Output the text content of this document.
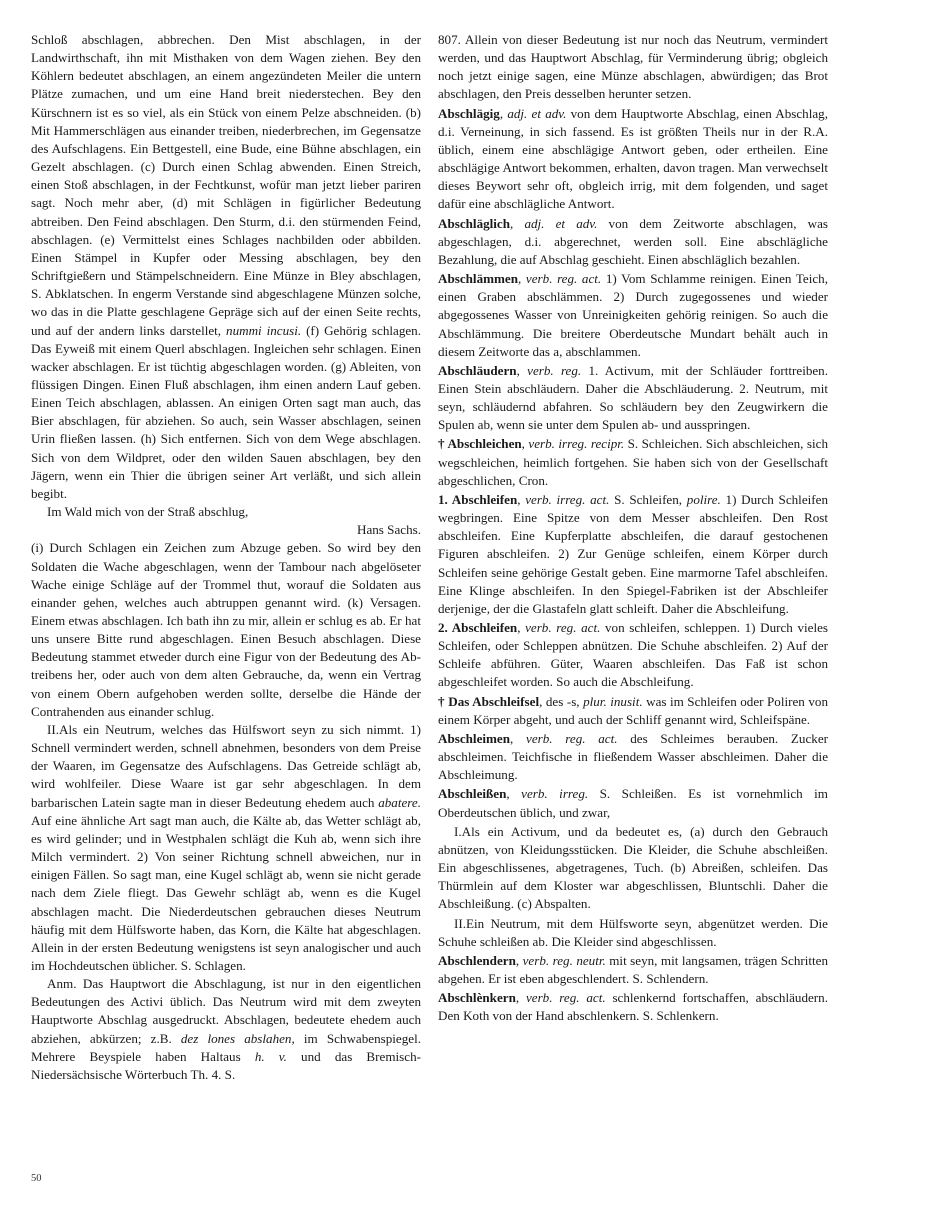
Schloß abschlagen, abbrechen. Den Mist abschlagen, in der Landwirthschaft, ihn mit Misthaken von dem Wagen ziehen. Bey den Köhlern bedeutet abschlagen, an einem angezündeten Meiler die untern Plätze zumachen, und um eine Hand breit niederstechen. Bey den Kürschnern ist es so viel, als ein Stück von einem Pelze abschneiden. (b) Mit Hammerschlägen aus einander treiben, niederbrechen, im Gegensatze des Aufschlagens. Ein Bettgestell, eine Bude, eine Bühne abschlagen, ein Gezelt abschlagen. (c) Durch einen Schlag abwenden. Einen Streich, einen Stoß abschlagen, in der Fechtkunst, wofür man jetzt lieber pariren sagt. Noch mehr aber, (d) mit Schlägen in figürlicher Bedeutung abtreiben. Den Feind abschlagen. Den Sturm, d.i. den stürmenden Feind, abschlagen. (e) Vermittelst eines Schlages nachbilden oder abbilden. Einen Stämpel in Kupfer oder Messing abschlagen, bey den Schriftgießern und Stämpelschneidern. Eine Münze in Bley abschlagen, S. Abklatschen. In engerm Verstande sind abgeschlagene Münzen solche, wo das in die Platte geschlagene Gepräge sich auf der einen Seite rechts, und auf der andern links darstellet, nummi incusi. (f) Gehörig schlagen. Das Eyweiß mit einem Querl abschlagen. Ingleichen sehr schlagen. Einen wacker abschlagen. Er ist tüchtig abgeschlagen worden. (g) Ableiten, von flüssigen Dingen. Einen Fluß abschlagen, ihm einen andern Lauf geben. Einen Teich abschlagen, ablassen. An einigen Orten sagt man auch, das Bier abschlagen, für abziehen. So auch, sein Wasser abschlagen, seinen Urin fließen lassen. (h) Sich entfernen. Sich von dem Wege abschlagen. Sich von dem Wildpret, oder den wilden Sauen abschlagen, bey den Jägern, wenn ein Thier die übrigen seiner Art verläßt, und sich allein begibt.

Im Wald mich von der Straß abschlug,

Hans Sachs.

(i) Durch Schlagen ein Zeichen zum Abzuge geben. So wird bey den Soldaten die Wache abgeschlagen, wenn der Tambour nach abgelöseter Wache einige Schläge auf der Trommel thut, worauf die Soldaten aus einander gehen, welches auch abtruppen genannt wird. (k) Versagen. Einem etwas abschlagen. Ich bath ihn zu mir, allein er schlug es ab. Er hat uns unsere Bitte rund abgeschlagen. Einen Besuch abschlagen. Diese Bedeutung stammet etweder durch eine Figur von der Bedeutung des Abtreibens her, oder auch von dem alten Gebrauche, da, wenn ein Vertrag von einem Obern aufgehoben werden sollte, derselbe die Hände der Contrahenden aus einander schlug.

II.Als ein Neutrum, welches das Hülfswort seyn zu sich nimmt. 1) Schnell vermindert werden, schnell abnehmen, besonders von dem Preise der Waaren, im Gegensatze des Aufschlagens. Das Getreide schlägt ab, wird wohlfeiler. Diese Waare ist gar sehr abgeschlagen. In dem barbarischen Latein sagte man in dieser Bedeutung ehedem auch abatere. Auf eine ähnliche Art sagt man auch, die Kälte ab, das Wetter schlägt ab, es wird gelinder; und in Westphalen schlägt die Kuh ab, wenn sich ihre Milch vermindert. 2) Von seiner Richtung schnell abweichen, nur in einigen Fällen. So sagt man, eine Kugel schlägt ab, wenn sie nicht gerade nach dem Ziele fliegt. Das Gewehr schlägt ab, wenn es die Kugel abschlagen macht. Die Niederdeutschen gebrauchen dieses Neutrum häufig mit dem Hülfsworte haben, das Korn, die Kälte hat abgeschlagen. Allein in der ersten Bedeutung wenigstens ist seyn analogischer und auch im Hochdeutschen üblicher. S. Schlagen.

Anm. Das Hauptwort die Abschlagung, ist nur in den eigentlichen Bedeutungen des Activi üblich. Das Neutrum wird mit dem zweyten Hauptworte Abschlag ausgedruckt. Abschlagen, bedeutete ehedem auch abziehen, abkürzen; z.B. dez lones abslahen, im Schwabenspiegel. Mehrere Beyspiele haben Haltaus h. v. und das Bremisch-Niedersächsische Wörterbuch Th. 4. S.

807. Allein von dieser Bedeutung ist nur noch das Neutrum, vermindert werden, und das Hauptwort Abschlag, für Verminderung übrig; obgleich noch jetzt einige sagen, eine Münze abschlagen, abwürdigen; das Brot abschlagen, den Preis desselben herunter setzen.

Abschlägig, adj. et adv. von dem Hauptworte Abschlag, einen Abschlag, d.i. Verneinung, in sich fassend. Es ist größten Theils nur in der R.A. üblich, einem eine abschlägige Antwort geben, oder ertheilen. Eine abschlägige Antwort bekommen, erhalten, davon tragen. Man verwechselt dieses Beywort sehr oft, obgleich irrig, mit dem folgenden, und saget dafür eine abschlägliche Antwort.

Abschläglich, adj. et adv. von dem Zeitworte abschlagen, was abgeschlagen, d.i. abgerechnet, werden soll. Eine abschlägliche Bezahlung, die auf Abschlag geschieht. Einen abschläglich bezahlen.

Abschlämmen, verb. reg. act. 1) Vom Schlamme reinigen. Einen Teich, einen Graben abschlämmen. 2) Durch zugegossenes und wieder abgegossenes Wasser von Unreinigkeiten gehörig reinigen. So auch die Abschlämmung. Die breitere Oberdeutsche Mundart behält auch in diesem Zeitworte das a, abschlammen.

Abschläudern, verb. reg. 1. Activum, mit der Schläuder forttreiben. Einen Stein abschläudern. Daher die Abschläuderung. 2. Neutrum, mit seyn, schläudernd abfahren. So schläudern bey den Zeugwirkern die Spulen ab, wenn sie unter dem Spulen ab- und ausspringen.

† Abschleichen, verb. irreg. recipr. S. Schleichen. Sich abschleichen, sich wegschleichen, heimlich fortgehen. Sie haben sich von der Gesellschaft abgeschlichen, Cron.

1. Abschleifen, verb. irreg. act. S. Schleifen, polire. 1) Durch Schleifen wegbringen. Eine Spitze von dem Messer abschleifen. Den Rost abschleifen. Eine Kupferplatte abschleifen, die darauf gestochenen Figuren abschleifen. 2) Zur Genüge schleifen, einem Körper durch Schleifen seine gehörige Gestalt geben. Eine marmorne Tafel abschleifen. Eine Klinge abschleifen. In den Spiegel-Fabriken ist der Abschleifer derjenige, der die Glastafeln glatt schleift. Daher die Abschleifung.

2. Abschleifen, verb. reg. act. von schleifen, schleppen. 1) Durch vieles Schleifen, oder Schleppen abnützen. Die Schuhe abschleifen. 2) Auf der Schleife abführen. Güter, Waaren abschleifen. Das Faß ist schon abgeschleifet worden. So auch die Abschleifung.

† Das Abschleifsel, des -s, plur. inusit. was im Schleifen oder Poliren von einem Körper abgeht, und auch der Schliff genannt wird, Schleifspäne.

Abschleimen, verb. reg. act. des Schleimes berauben. Zucker abschleimen. Teichfische in fließendem Wasser abschleimen. Daher die Abschleimung.

Abschleißen, verb. irreg. S. Schleißen. Es ist vornehmlich im Oberdeutschen üblich, und zwar,

I.Als ein Activum, und da bedeutet es, (a) durch den Gebrauch abnützen, von Kleidungsstücken. Die Kleider, die Schuhe abschleißen. Ein abgeschlissenes, abgetragenes, Tuch. (b) Abreißen, schleifen. Das Thürmlein auf dem Kloster war abgeschlissen, Bluntschli. Daher die Abschleißung. (c) Abspalten.

II.Ein Neutrum, mit dem Hülfsworte seyn, abgenützet werden. Die Schuhe schleißen ab. Die Kleider sind abgeschlissen.

Abschlendern, verb. reg. neutr. mit seyn, mit langsamen, trägen Schritten abgehen. Er ist eben abgeschlendert. S. Schlendern.

Abschlènkern, verb. reg. act. schlenkernd fortschaffen, abschläudern. Den Koth von der Hand abschlenkern. S. Schlenkern.

50
